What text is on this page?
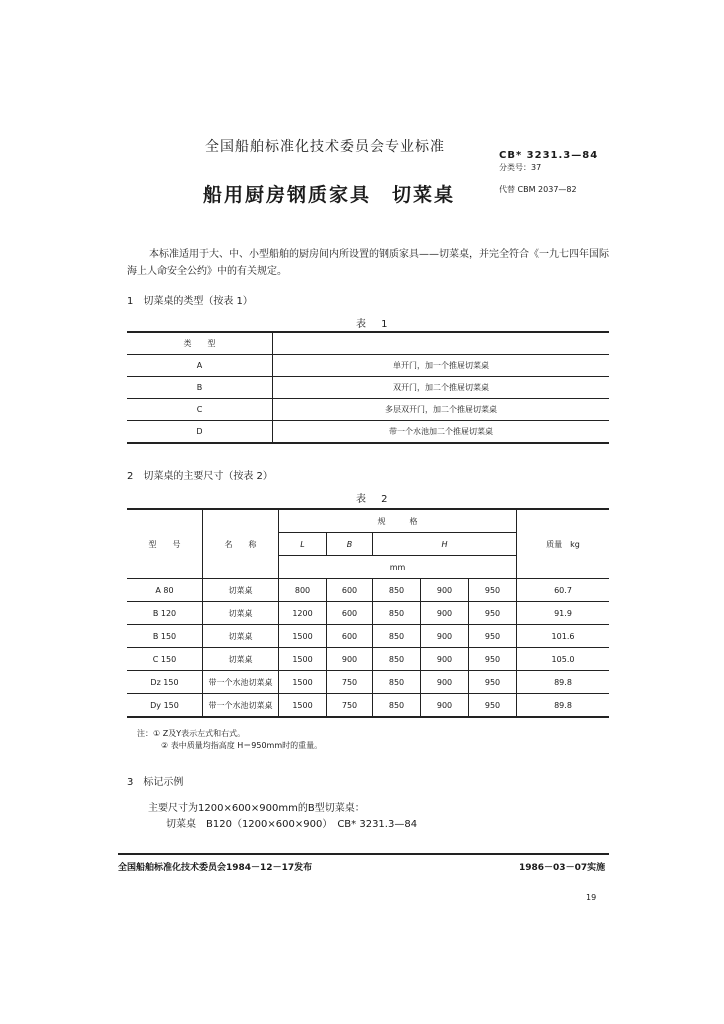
全国船舶标准化技术委员会专业标准
船用厨房钢质家具　切菜桌
CB* 3231.3—84
分类号：37
代替 CBM 2037—82
本标准适用于大、中、小型船舶的厨房间内所设置的钢质家具——切菜桌，并完全符合《一九七四年国际海上人命安全公约》中的有关规定。
1　切菜桌的类型（按表 1）
表 1
类　　型	
A	单开门，加一个推屉切菜桌
B	双开门，加二个推屉切菜桌
C	多层双开门，加二个推屉切菜桌
D	带一个水池加二个推屉切菜桌
2　切菜桌的主要尺寸（按表 2）
表 2
型　　号	名　　称	规　　　格					质量　kg
		L	B	H			
		mm					
A 80	切菜桌	800	600	850	900	950	60.7
B 120	切菜桌	1200	600	850	900	950	91.9
B 150	切菜桌	1500	600	850	900	950	101.6
C 150	切菜桌	1500	900	850	900	950	105.0
Dz 150	带一个水池切菜桌	1500	750	850	900	950	89.8
Dy 150	带一个水池切菜桌	1500	750	850	900	950	89.8
注：① Z及Y表示左式和右式。
② 表中质量均指高度 H＝950mm时的重量。
3　标记示例
主要尺寸为1200×600×900mm的B型切菜桌：
切菜桌　B120（1200×600×900）　CB* 3231.3—84
全国船舶标准化技术委员会1984－12－17发布	1986－03－07实施
19
